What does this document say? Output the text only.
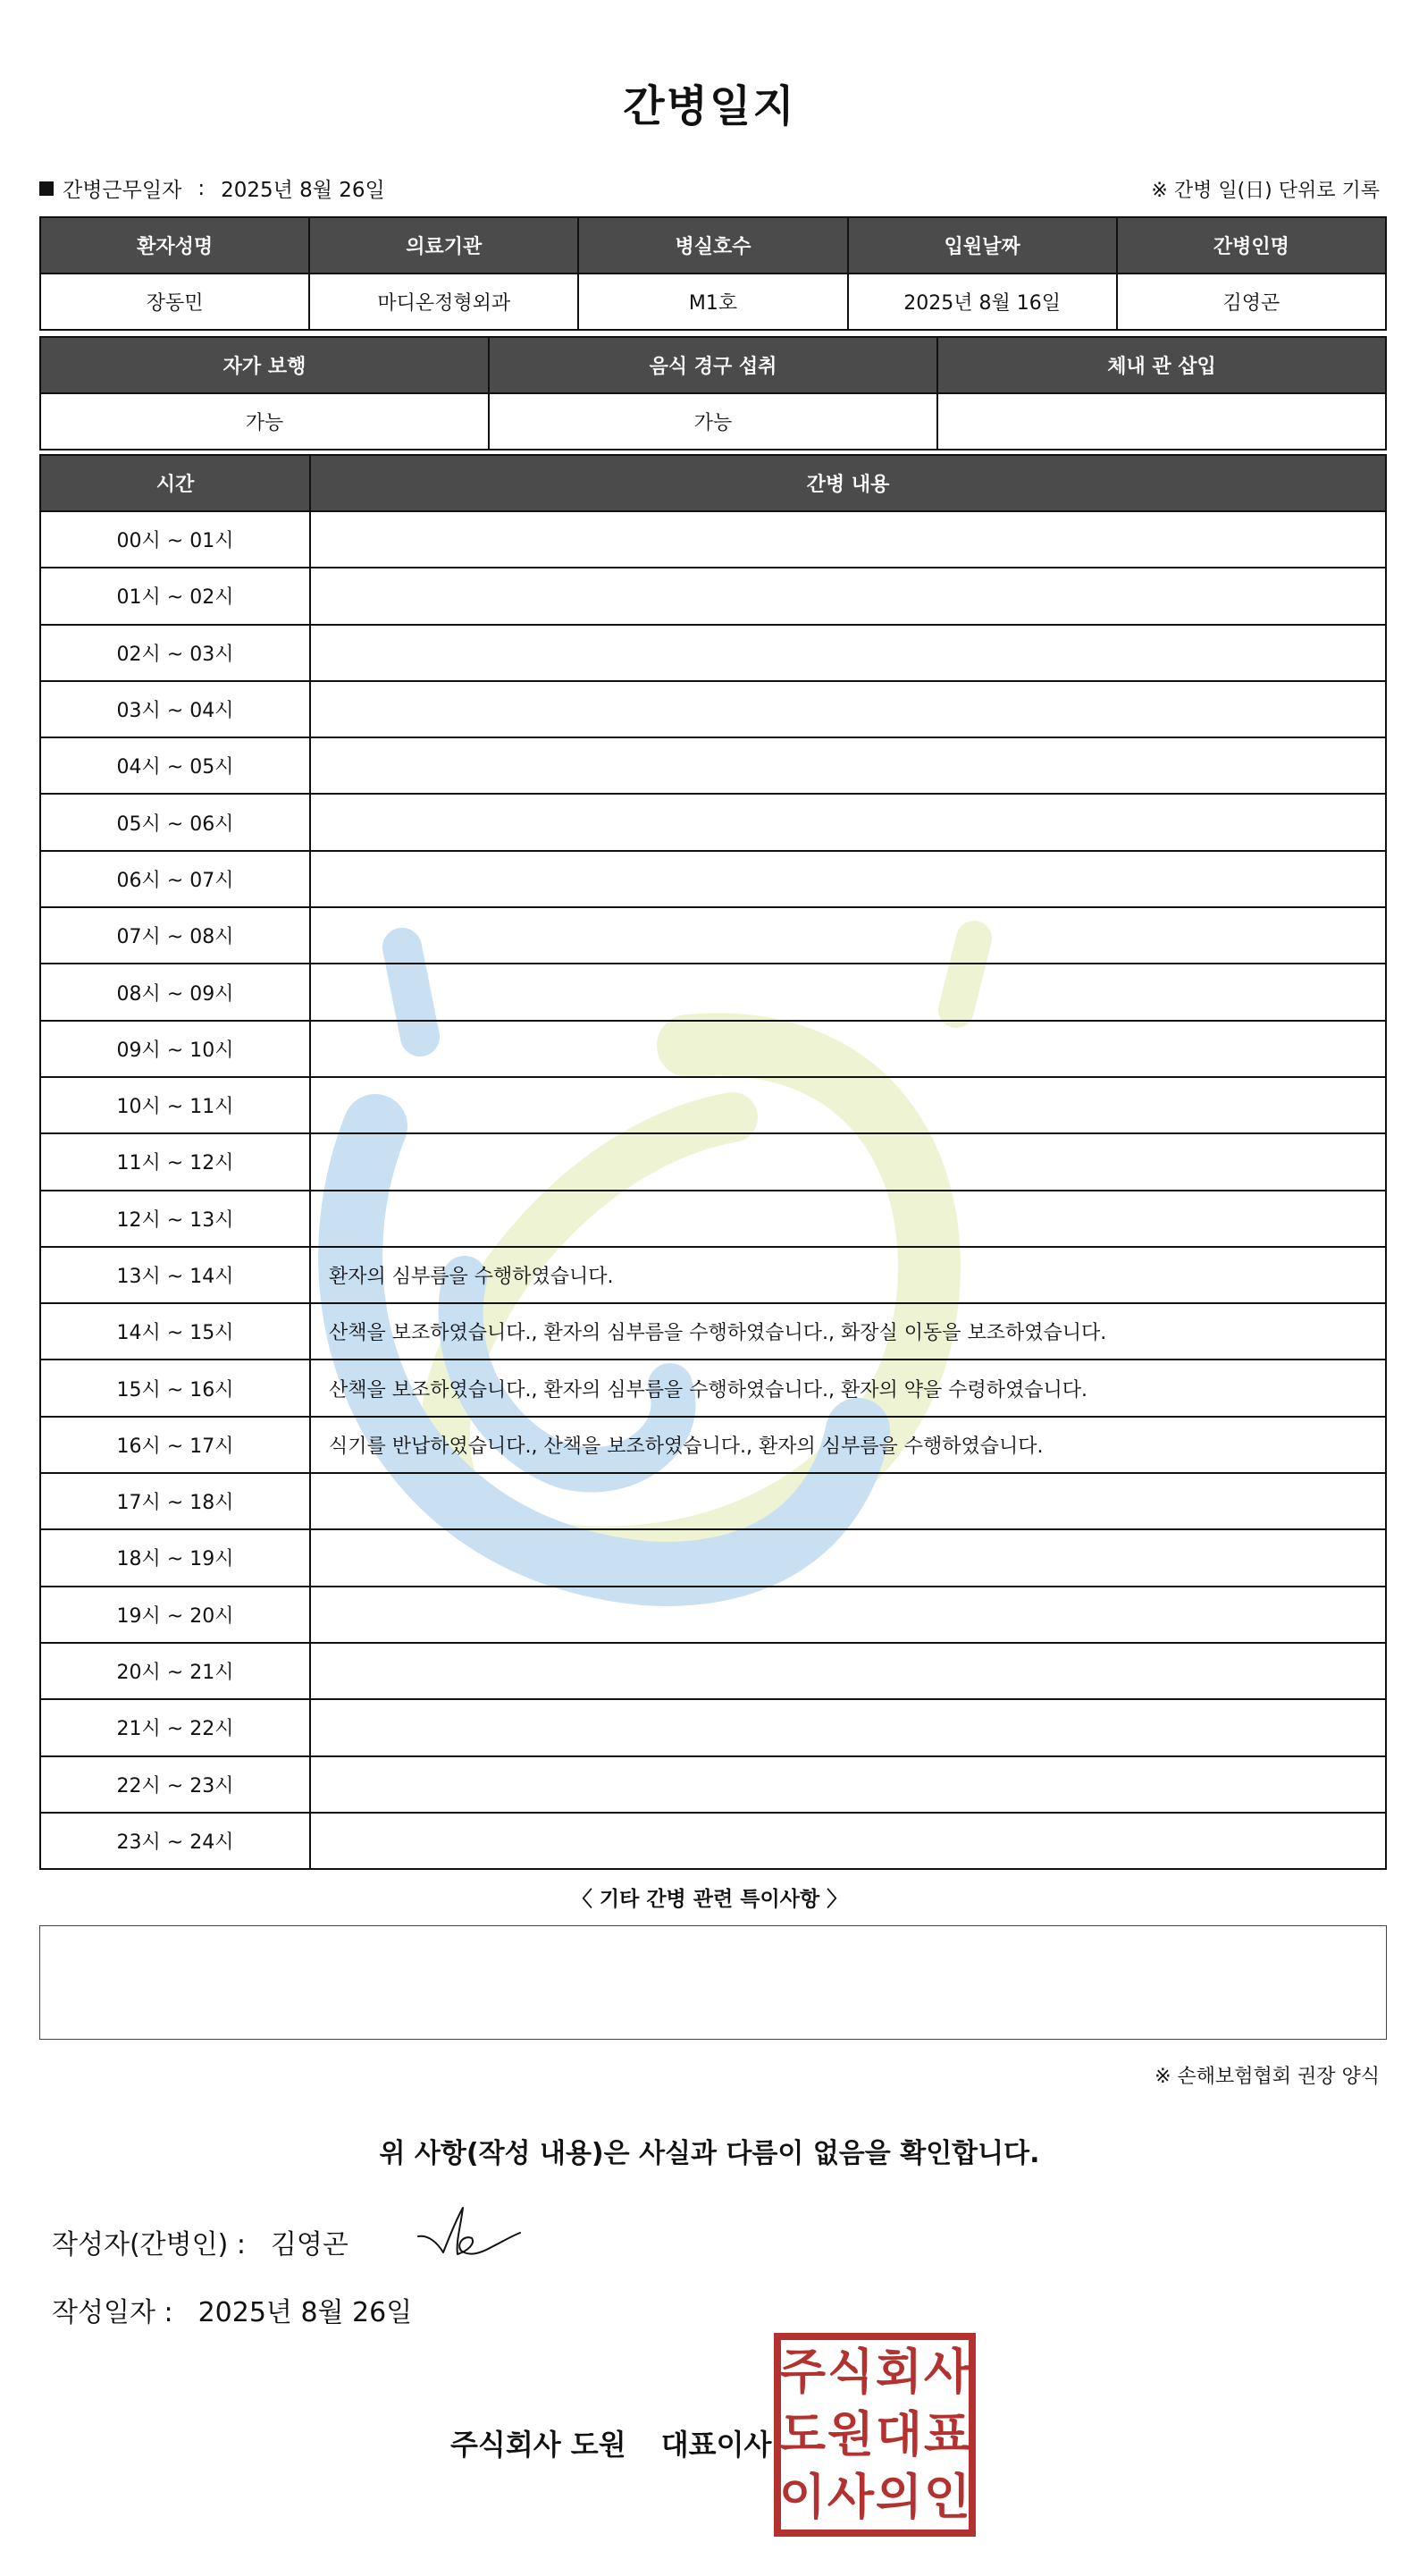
간병일지
간병근무일자 : 2025년 8월 26일	※ 간병 일(日) 단위로 기록
환자성명	의료기관	병실호수	입원날짜	간병인명
장동민	마디온정형외과	M1호	2025년 8월 16일	김영곤
자가 보행	음식 경구 섭취	체내 관 삽입
가능	가능	
시간	간병 내용
00시 ~ 01시	
01시 ~ 02시	
02시 ~ 03시	
03시 ~ 04시	
04시 ~ 05시	
05시 ~ 06시	
06시 ~ 07시	
07시 ~ 08시	
08시 ~ 09시	
09시 ~ 10시	
10시 ~ 11시	
11시 ~ 12시	
12시 ~ 13시	
13시 ~ 14시	환자의 심부름을 수행하였습니다.
14시 ~ 15시	산책을 보조하였습니다., 환자의 심부름을 수행하였습니다., 화장실 이동을 보조하였습니다.
15시 ~ 16시	산책을 보조하였습니다., 환자의 심부름을 수행하였습니다., 환자의 약을 수령하였습니다.
16시 ~ 17시	식기를 반납하였습니다., 산책을 보조하였습니다., 환자의 심부름을 수행하였습니다.
17시 ~ 18시	
18시 ~ 19시	
19시 ~ 20시	
20시 ~ 21시	
21시 ~ 22시	
22시 ~ 23시	
23시 ~ 24시	
〈 기타 간병 관련 특이사항 〉
※ 손해보험협회 권장 양식
위 사항(작성 내용)은 사실과 다름이 없음을 확인합니다.
작성자(간병인) : 김영곤
작성일자 : 2025년 8월 26일
주식회사 도원 대표이사
주 식 회 사
도 원 대 표
이 사 의 인
